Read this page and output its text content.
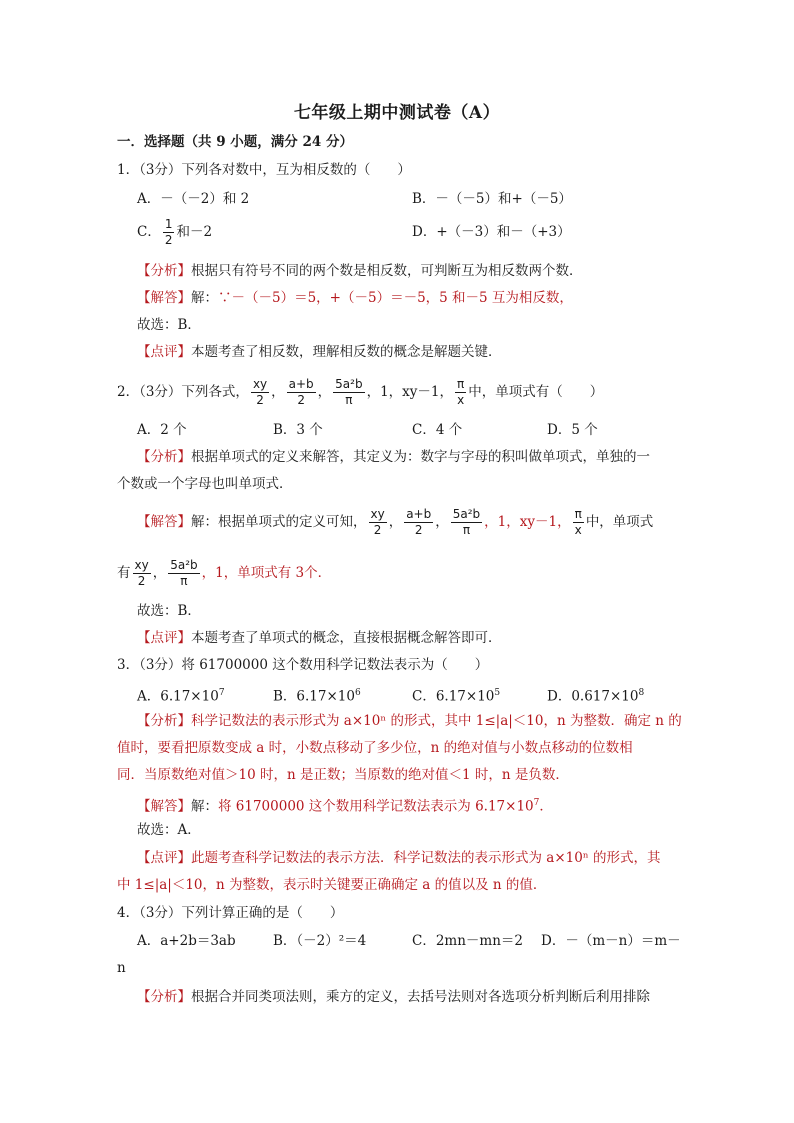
七年级上期中测试卷（A）
一．选择题（共 9 小题，满分 24 分）
1．（3分）下列各对数中，互为相反数的（　　）
A．－（－2）和 2	B．－（－5）和+（－5）
C． $\frac{1}{2}$ 和－2	D．+（－3）和－（+3）
【分析】根据只有符号不同的两个数是相反数，可判断互为相反数两个数．
【解答】解：∵－（－5）＝5，+（－5）＝－5，5 和－5 互为相反数，
故选：B．
【点评】本题考查了相反数，理解相反数的概念是解题关键．
2．（3分）下列各式， $\frac{xy}{2}$ ， $\frac{a+b}{2}$ ， $\frac{\text{5a²b}}{\pi}$ ，1，xy－1， $\frac{\pi}{x}$ 中，单项式有（　　）
A．2 个	B．3 个	C．4 个	D．5 个
【分析】根据单项式的定义来解答，其定义为：数字与字母的积叫做单项式，单独的一
个数或一个字母也叫单项式．
【解答】解：根据单项式的定义可知， $\frac{xy}{2}$ ， $\frac{a+b}{2}$ ， $\frac{\text{5a²b}}{\pi}$ ，1，xy－1， $\frac{\pi}{x}$ 中，单项式
有 $\frac{xy}{2}$ ， $\frac{\text{5a²b}}{\pi}$ ，1，单项式有 3个．
故选：B．
【点评】本题考查了单项式的概念，直接根据概念解答即可．
3．（3分）将 61700000 这个数用科学记数法表示为（　　）
A．$6.17\times 10^7$	B．$6.17\times 10^6$	C．$6.17\times 10^5$	D．$0.617\times 10^8$
【分析】科学记数法的表示形式为 a×10ⁿ 的形式，其中 1≤|a|＜10，n 为整数．确定 n 的
值时，要看把原数变成 a 时，小数点移动了多少位，n 的绝对值与小数点移动的位数相
同．当原数绝对值＞10 时，n 是正数；当原数的绝对值＜1 时，n 是负数．
【解答】解：将 61700000 这个数用科学记数法表示为 $6.17\times 10^7$．
故选：A．
【点评】此题考查科学记数法的表示方法．科学记数法的表示形式为 a×10ⁿ 的形式，其
中 1≤|a|＜10，n 为整数，表示时关键要正确确定 a 的值以及 n 的值．
4．（3分）下列计算正确的是（　　）
A．a+2b＝3ab	B．（－2）²＝4	C．2mn－mn＝2 D．－（m－n）＝m－
n
【分析】根据合并同类项法则，乘方的定义，去括号法则对各选项分析判断后利用排除
